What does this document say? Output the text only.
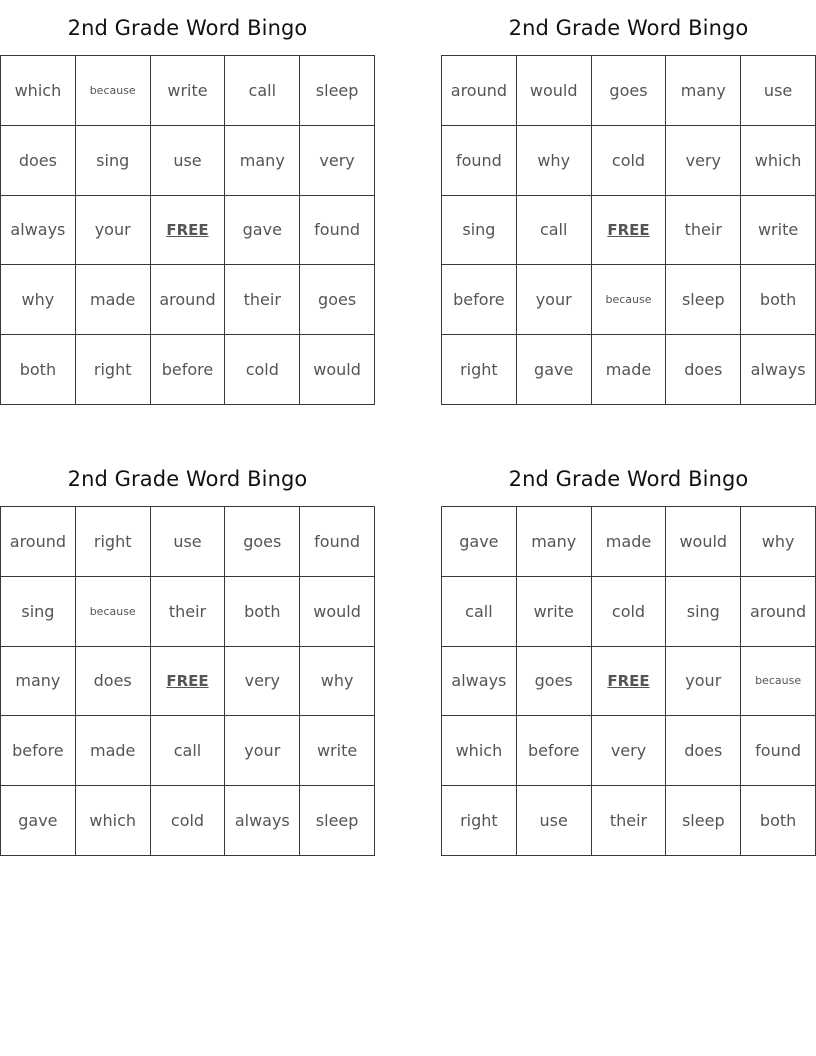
2nd Grade Word Bingo
which	because	write	call	sleep
does	sing	use	many	very
always	your	FREE	gave	found
why	made	around	their	goes
both	right	before	cold	would
2nd Grade Word Bingo
around	would	goes	many	use
found	why	cold	very	which
sing	call	FREE	their	write
before	your	because	sleep	both
right	gave	made	does	always
2nd Grade Word Bingo
around	right	use	goes	found
sing	because	their	both	would
many	does	FREE	very	why
before	made	call	your	write
gave	which	cold	always	sleep
2nd Grade Word Bingo
gave	many	made	would	why
call	write	cold	sing	around
always	goes	FREE	your	because
which	before	very	does	found
right	use	their	sleep	both
